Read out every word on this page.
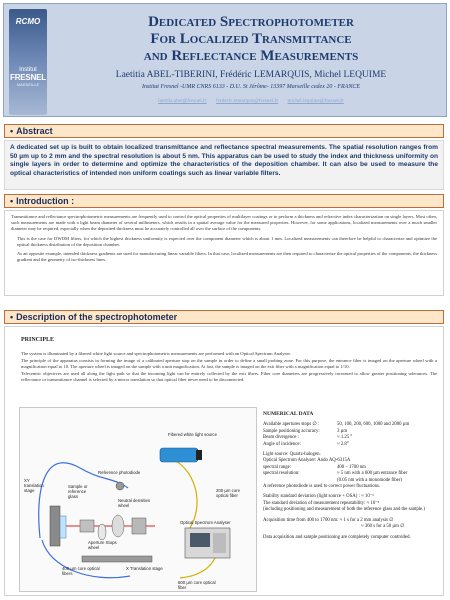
RCMO
Institut
FRESNEL
MARSEILLE
Dedicated Spectrophotometer
For Localized Transmittance
and Reflectance Measurements
Laetitia ABEL-TIBERINI, Frédéric LEMARQUIS, Michel LEQUIME
Institut Fresnel -UMR CNRS 6133 - D.U. St Jérôme- 13397 Marseille cedex 20 - FRANCE
laetitia.abel@fresnel.fr frederic.lemarquis@fresnel.fr michel.lequime@fresnel.fr
• Abstract
A dedicated set up is built to obtain localized transmittance and reflectance spectral measurements. The spatial resolution ranges from 50 µm up to 2 mm and the spectral resolution is about 5 nm. This apparatus can be used to study the index and thickness uniformity on single layers in order to determine and optimize the characteristics of the deposition chamber. It can also be used to measure the optical characteristics of intended non uniform coatings such as linear variable filters.
• Introduction :

Transmittance and reflectance spectrophotometric measurements are frequently used to control the optical properties of multilayer coatings or to perform a thickness and refractive index characterization on single layers. Most often, such measurements are made with a light beam diameter of several millimeters, which results in a spatial average value for the measured properties. However, for some applications, localized measurements over a much smaller diameter may be required, especially when the deposited thickness must be accurately controlled all over the surface of the components.

This is the case for DWDM filters, for which the highest thickness uniformity is expected over the component diameter which is about 1 mm. Localized measurements can therefore be helpful to characterize and optimize the optical thickness distribution of the deposition chamber.

As an opposite example, intended thickness gradients are used for manufacturing linear variable filters. In that case, localized measurements are then required to characterize the optical properties of the components, the thickness gradient and the geometry of iso-thickness lines.

• Description of the spectrophotometer
PRINCIPLE

The system is illuminated by a fibered white light source and spectrophotometric measurements are performed with an Optical Spectrum Analyser.

The principle of the apparatus consists in forming the image of a calibrated aperture stop on the sample in order to define a small probing zone. For this purpose, the entrance fiber is imaged on the aperture wheel with a magnification equal to 10. The aperture wheel is imaged on the sample with a unit magnification. At last, the sample is imaged on the exit fiber with a magnification equal to 1/10.

Telecentric objectives are used all along the light path so that the incoming light can be entirely collected by the exit fibers. Fiber core diameters are progressively increased to allow greater positioning tolerances. The reflectance or transmittance channel is selected by a mirror translation so that optical fiber never need to be disconnected.

Fibered white light source
Reference photodiode
XY translation stage
Sample or reference glass
Neutral densities wheel
Aperture Stops wheel
200 µm core optical fiber
Optical Spectrum Analyser
400 µm core optical fibers
X Translation stage
600 µm core optical fiber
NUMERICAL DATA
Available apertures stops ∅ :	50, 100, 200, 600, 1000 and 2000 µm
Sample positioning accuracy:	3 µm
Beam divergence :	≈ 1.25 °
Angle of incidence:	≈ 2.8°
Light source: Quartz-halogen.
Optical Spectrum Analyser: Ando AQ-6315A
spectral range:	400 – 1700 nm
spectral resolution:	≈ 5 nm with a 600 µm entrance fiber
(0.05 nm with a monomode fiber)
A reference photodiode is used to correct power fluctuations.
Stability standard deviation (light source + OSA) : ≈ 10⁻³
The standard deviation of measurement repeatability: ≈ 10⁻³
(including positioning and measurement of both the reference glass and the sample.)
Acquisition time from 400 to 1700 nm: ≈ 1 s for a 2 mm analysis ∅
≈ 360 s for a 50 µm ∅
Data acquisition and sample positioning are completely computer controlled.
